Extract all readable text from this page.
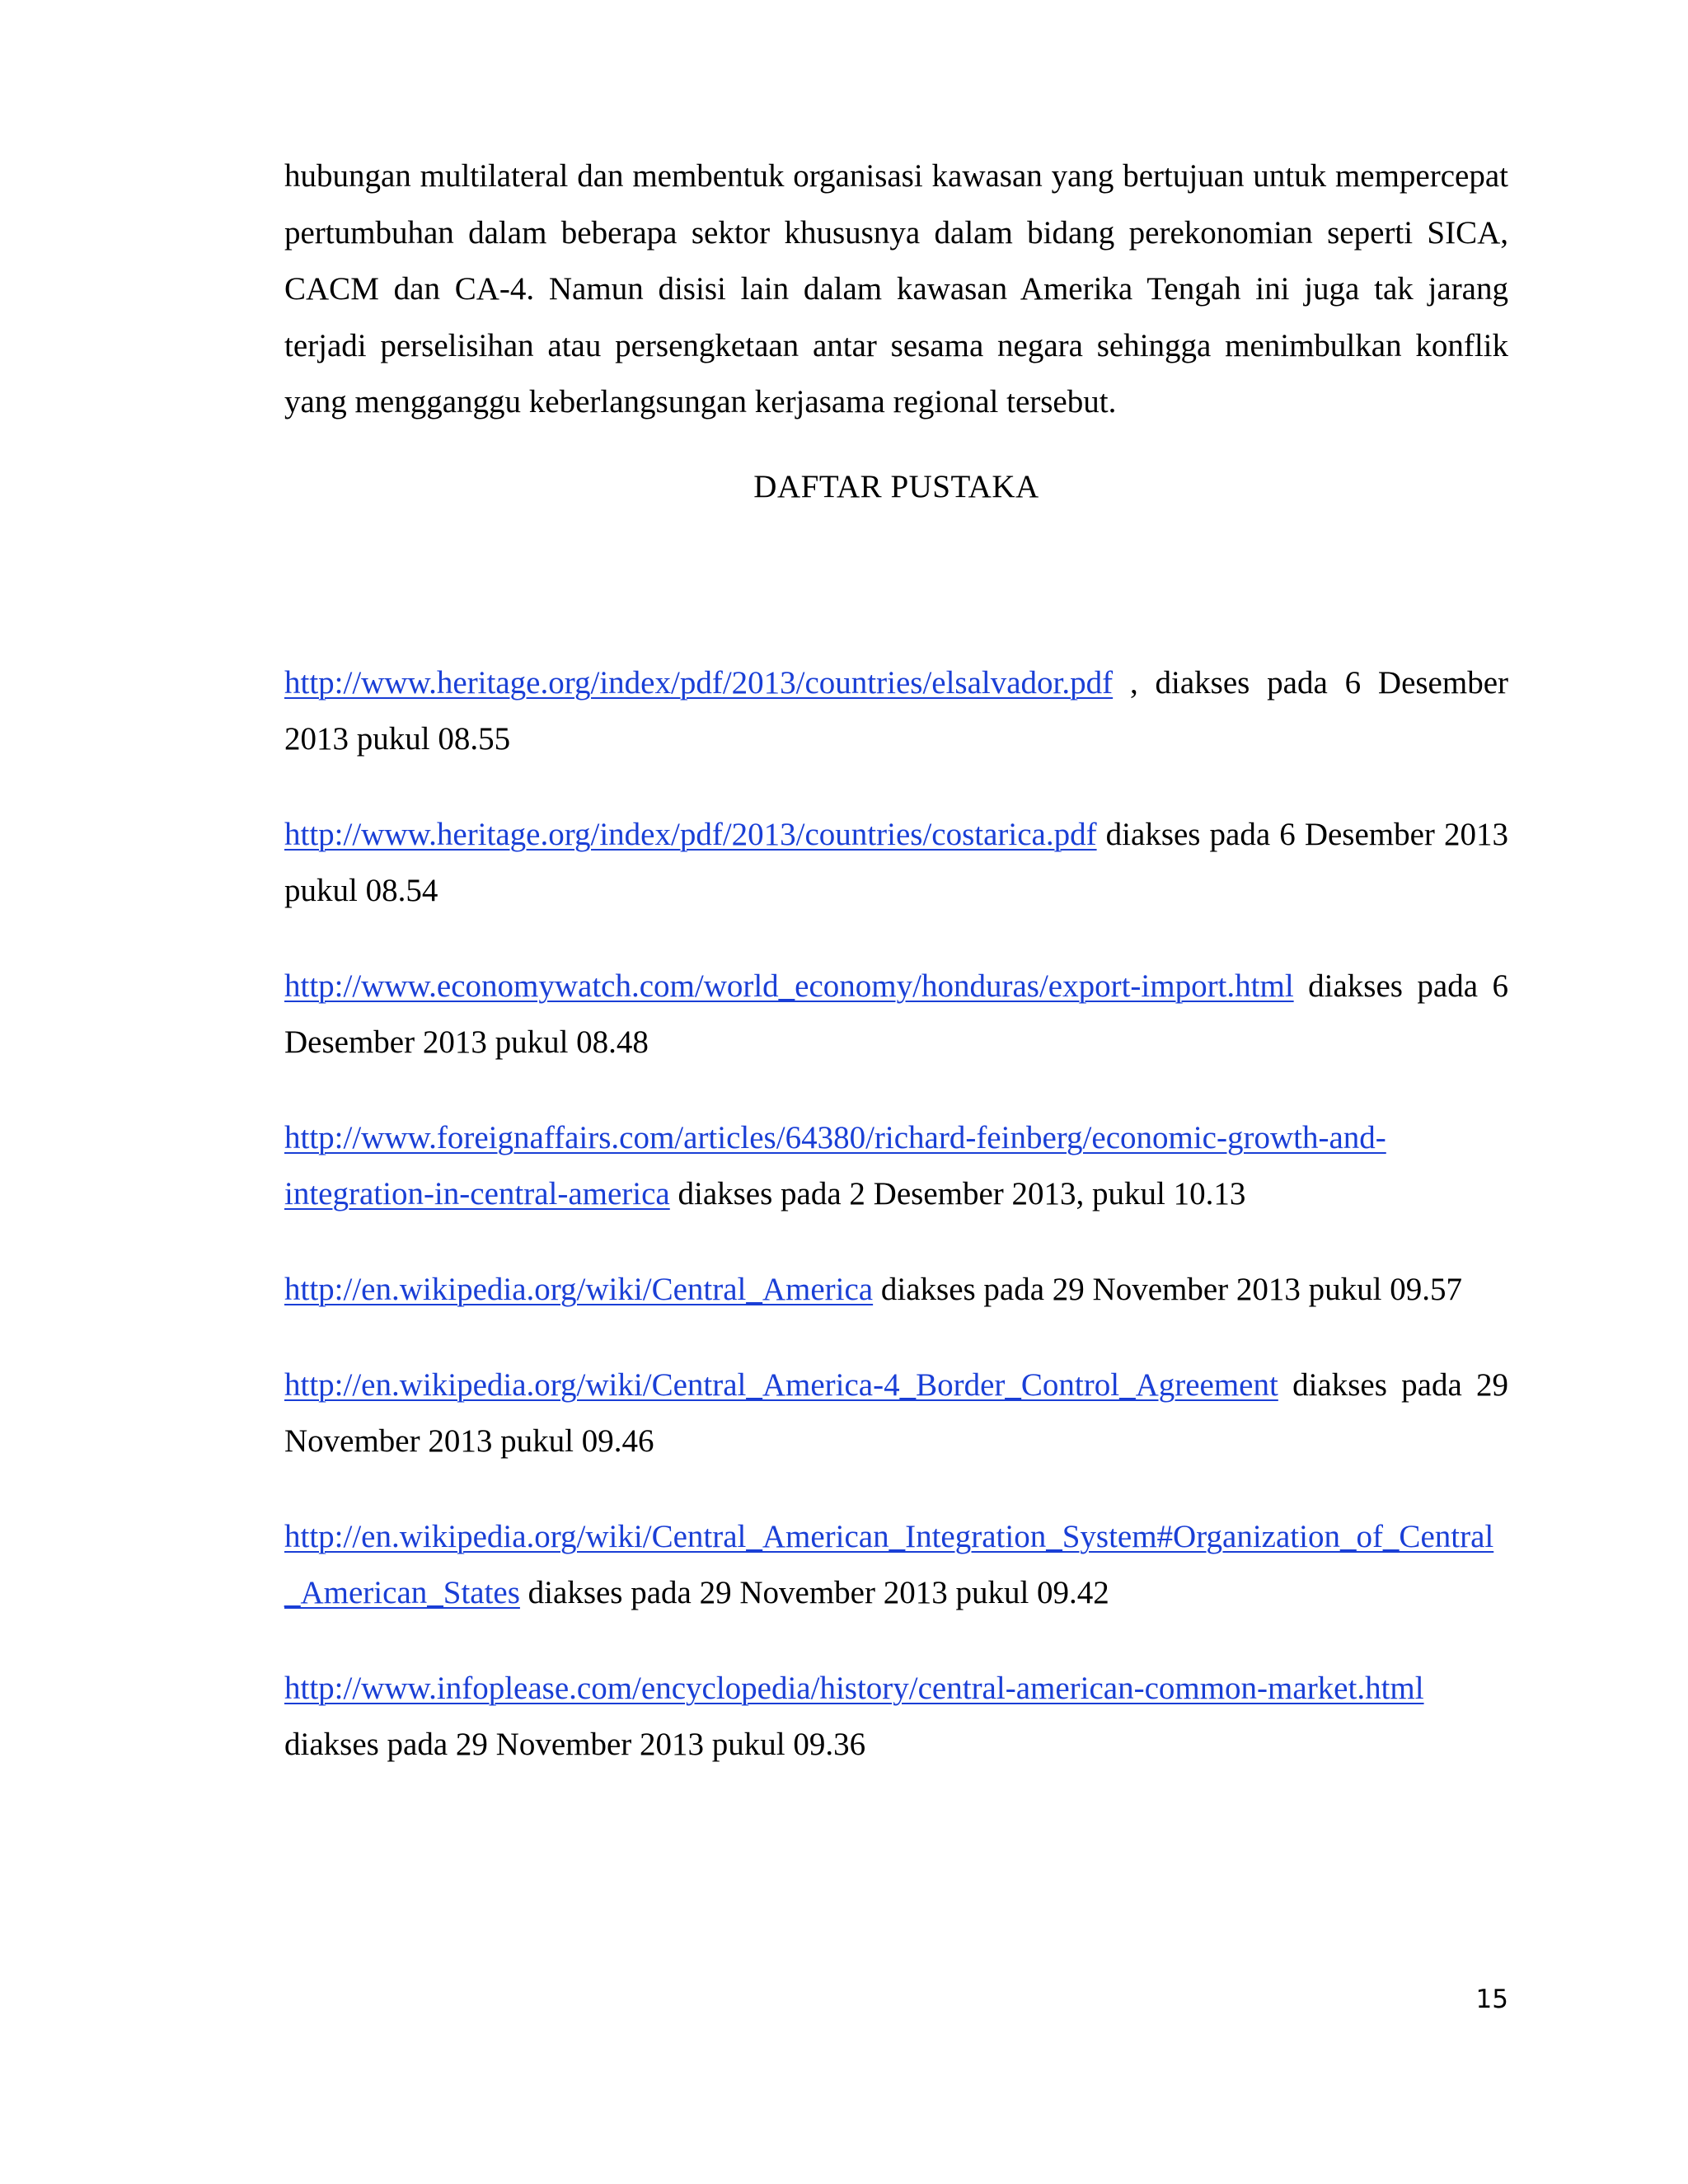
hubungan multilateral dan membentuk organisasi kawasan yang bertujuan untuk mempercepat pertumbuhan dalam beberapa sektor khususnya dalam bidang perekonomian seperti SICA, CACM dan CA-4. Namun disisi lain dalam kawasan Amerika Tengah ini juga tak jarang terjadi perselisihan atau persengketaan antar sesama negara sehingga menimbulkan konflik yang mengganggu keberlangsungan kerjasama regional tersebut.

DAFTAR PUSTAKA

http://www.heritage.org/index/pdf/2013/countries/elsalvador.pdf , diakses pada 6 Desember 2013 pukul 08.55

http://www.heritage.org/index/pdf/2013/countries/costarica.pdf diakses pada 6 Desember 2013 pukul 08.54

http://www.economywatch.com/world_economy/honduras/export-import.html diakses pada 6 Desember 2013 pukul 08.48

http://www.foreignaffairs.com/articles/64380/richard-feinberg/economic-growth-and-integration-in-central-america diakses pada 2 Desember 2013, pukul 10.13

http://en.wikipedia.org/wiki/Central_America diakses pada 29 November 2013 pukul 09.57

http://en.wikipedia.org/wiki/Central_America-4_Border_Control_Agreement diakses pada 29 November 2013 pukul 09.46

http://en.wikipedia.org/wiki/Central_American_Integration_System#Organization_of_Central_American_States diakses pada 29 November 2013 pukul 09.42

http://www.infoplease.com/encyclopedia/history/central-american-common-market.html diakses pada 29 November 2013 pukul 09.36

15
